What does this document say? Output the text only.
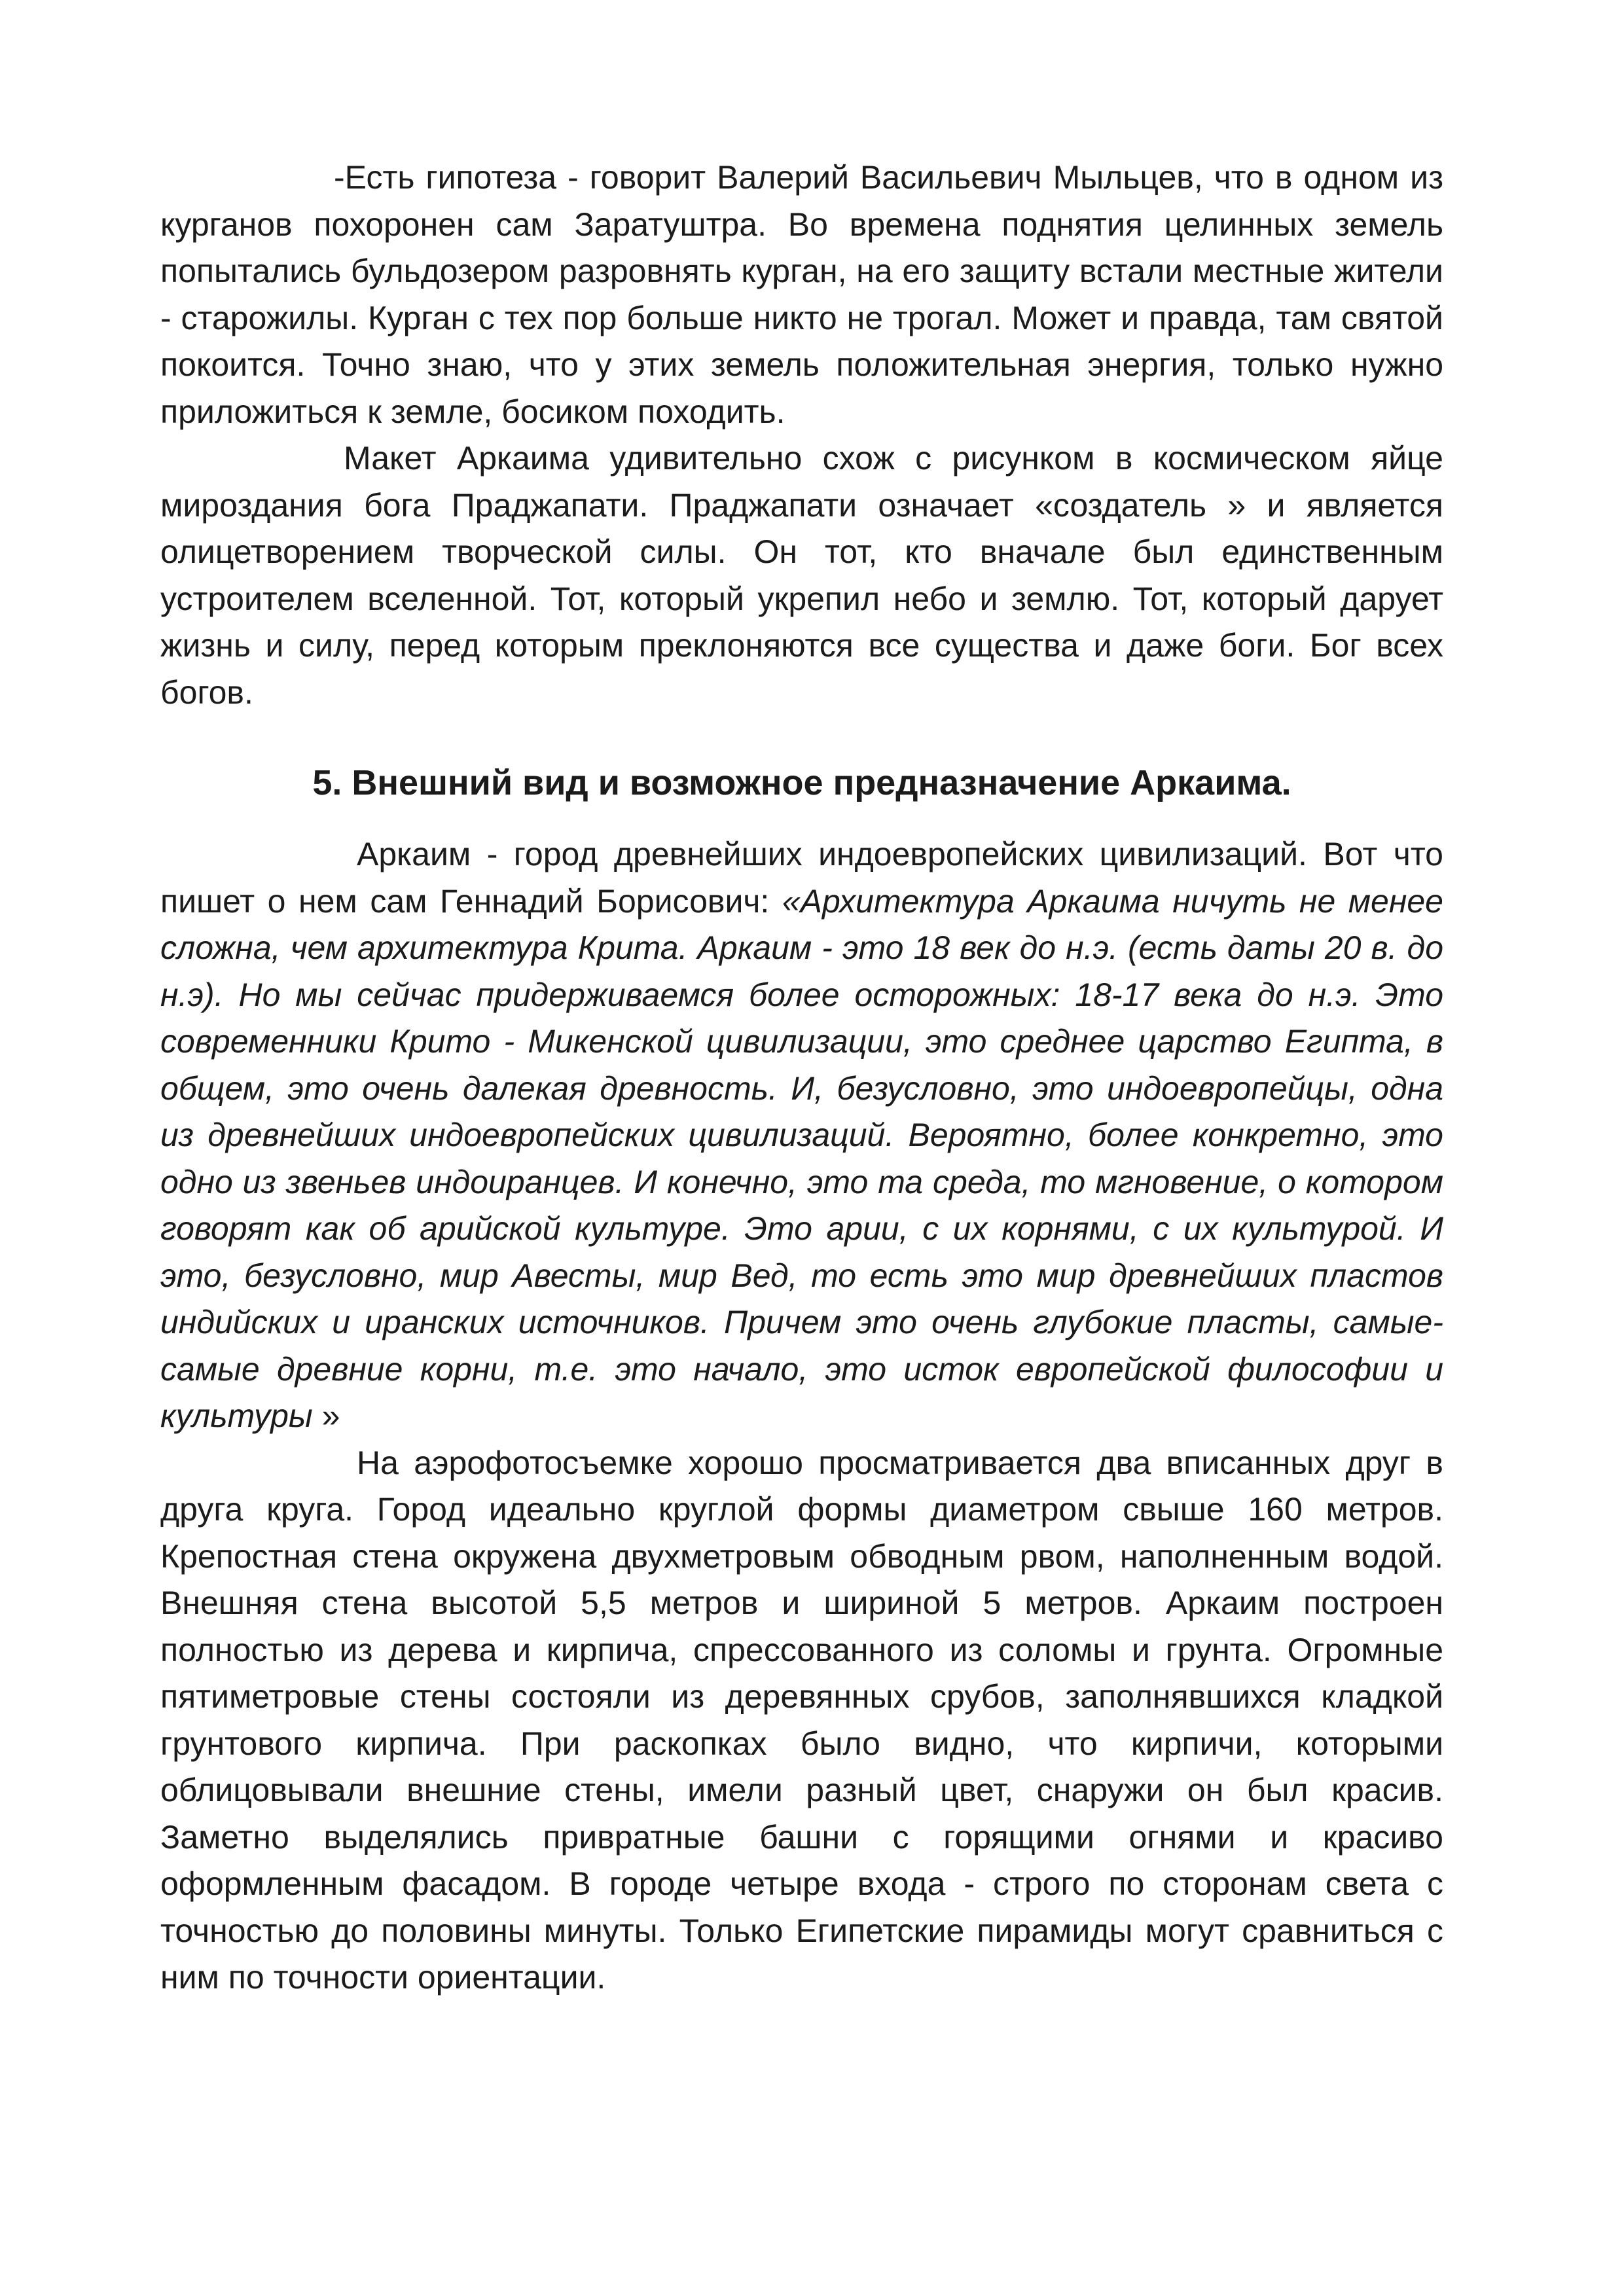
-Есть гипотеза - говорит Валерий Васильевич Мыльцев, что в одном из курганов похоронен сам Заратуштра. Во времена поднятия целинных земель попытались бульдозером разровнять курган, на его защиту встали местные жители - старожилы. Курган с тех пор больше никто не трогал. Может и правда, там святой покоится. Точно знаю, что у этих земель положительная энергия, только нужно приложиться к земле, босиком походить.

Макет Аркаима удивительно схож с рисунком в космическом яйце мироздания бога Праджапати. Праджапати означает «создатель » и является олицетворением творческой силы. Он тот, кто вначале был единственным устроителем вселенной. Тот, который укрепил небо и землю. Тот, который дарует жизнь и силу, перед которым преклоняются все существа и даже боги. Бог всех богов.

5. Внешний вид и возможное предназначение Аркаима.

Аркаим - город древнейших индоевропейских цивилизаций. Вот что пишет о нем сам Геннадий Борисович: «Архитектура Аркаима ничуть не менее сложна, чем архитектура Крита. Аркаим - это 18 век до н.э. (есть даты 20 в. до н.э). Но мы сейчас придерживаемся более осторожных: 18-17 века до н.э. Это современники Крито - Микенской цивилизации, это среднее царство Египта, в общем, это очень далекая древность. И, безусловно, это индоевропейцы, одна из древнейших индоевропейских цивилизаций. Вероятно, более конкретно, это одно из звеньев индоиранцев. И конечно, это та среда, то мгновение, о котором говорят как об арийской культуре. Это арии, с их корнями, с их культурой. И это, безусловно, мир Авесты, мир Вед, то есть это мир древнейших пластов индийских и иранских источников. Причем это очень глубокие пласты, самые-самые древние корни, т.е. это начало, это исток европейской философии и культуры »

На аэрофотосъемке хорошо просматривается два вписанных друг в друга круга. Город идеально круглой формы диаметром свыше 160 метров. Крепостная стена окружена двухметровым обводным рвом, наполненным водой. Внешняя стена высотой 5,5 метров и шириной 5 метров. Аркаим построен полностью из дерева и кирпича, спрессованного из соломы и грунта. Огромные пятиметровые стены состояли из деревянных срубов, заполнявшихся кладкой грунтового кирпича. При раскопках было видно, что кирпичи, которыми облицовывали внешние стены, имели разный цвет, снаружи он был красив. Заметно выделялись привратные башни с горящими огнями и красиво оформленным фасадом. В городе четыре входа - строго по сторонам света с точностью до половины минуты. Только Египетские пирамиды могут сравниться с ним по точности ориентации.
